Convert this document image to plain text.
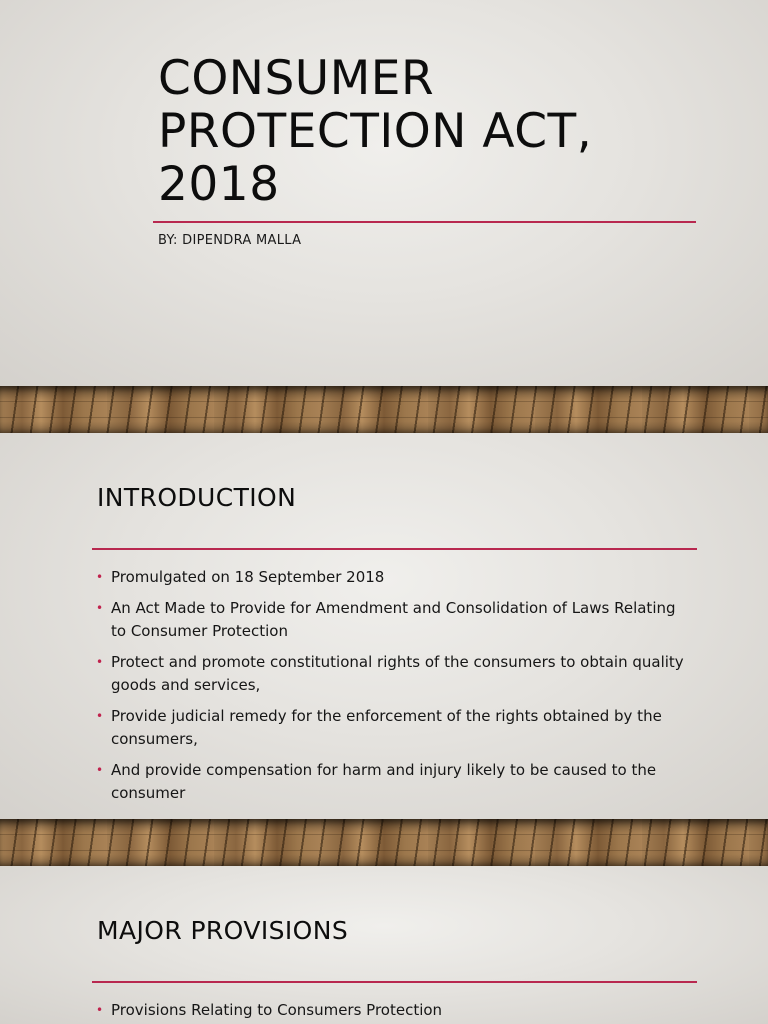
CONSUMER PROTECTION ACT, 2018
BY: DIPENDRA MALLA
INTRODUCTION
• Promulgated on 18 September 2018
• An Act Made to Provide for Amendment and Consolidation of Laws Relating to Consumer Protection
• Protect and promote constitutional rights of the consumers to obtain quality goods and services,
• Provide judicial remedy for the enforcement of the rights obtained by the consumers,
• And provide compensation for harm and injury likely to be caused to the consumer
MAJOR PROVISIONS
• Provisions Relating to Consumers Protection
